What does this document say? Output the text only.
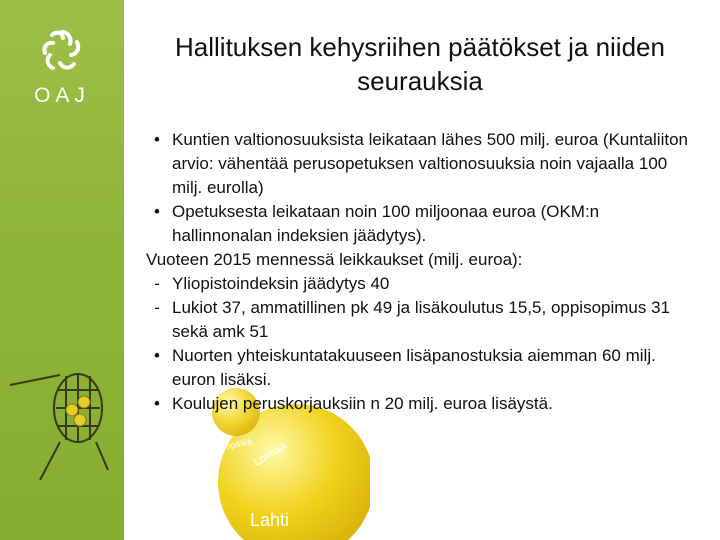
OAJ
Lahti
Loimaa
Lempäälä
Hallituksen kehysriihen päätökset ja niiden seurauksia
• Kuntien valtionosuuksista leikataan lähes 500 milj. euroa (Kuntaliiton arvio: vähentää perusopetuksen valtionosuuksia noin vajaalla 100 milj. eurolla)
• Opetuksesta leikataan noin 100 miljoonaa euroa (OKM:n hallinnonalan indeksien jäädytys).
Vuoteen 2015 mennessä leikkaukset (milj. euroa):
- Yliopistoindeksin jäädytys 40
- Lukiot 37, ammatillinen pk 49 ja lisäkoulutus 15,5, oppisopimus 31 sekä amk 51
• Nuorten yhteiskuntatakuuseen lisäpanostuksia aiemman 60 milj. euron lisäksi.
• Koulujen peruskorjauksiin n 20 milj. euroa lisäystä.
